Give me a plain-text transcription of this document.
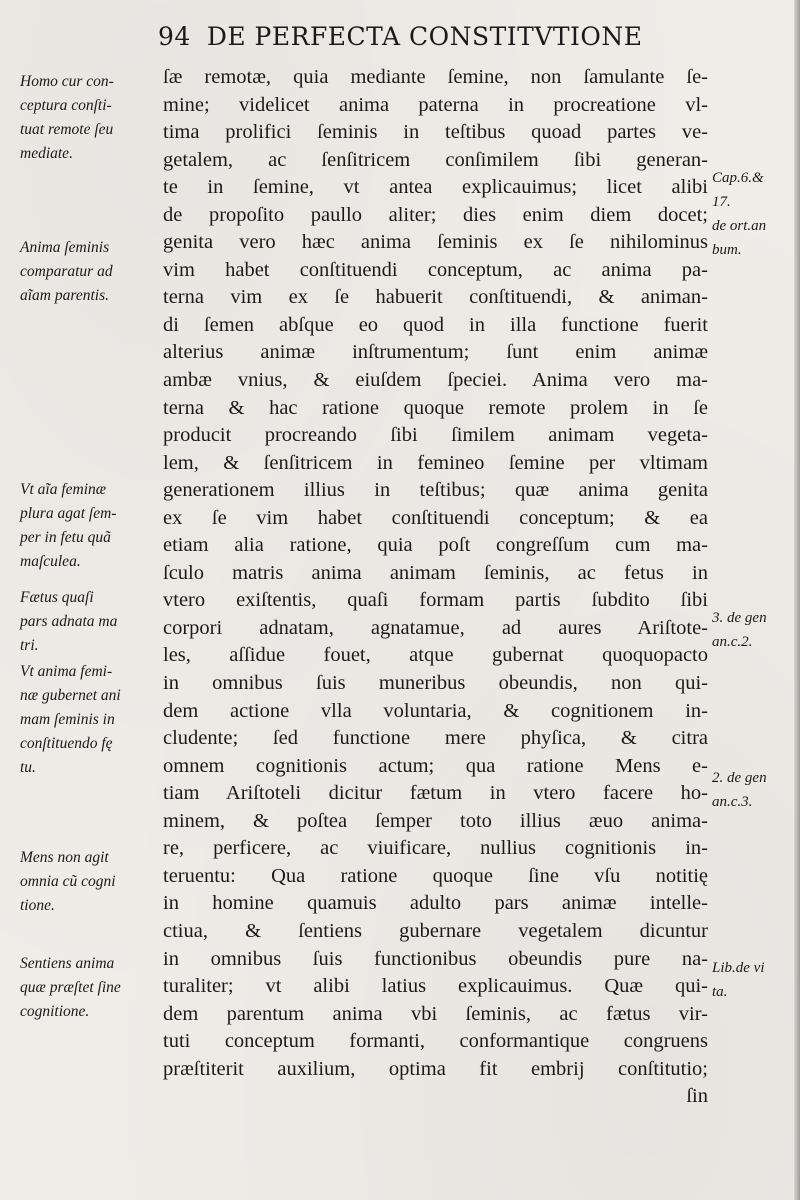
94 DE PERFECTA CONSTITVTIONE
ſæ remotæ, quia mediante ſemine, non ſamulante ſe-
mine; videlicet anima paterna in procreatione vl-
tima prolifici ſeminis in teſtibus quoad partes ve-
getalem, ac ſenſitricem conſimilem ſibi generan-
te in ſemine, vt antea explicauimus; licet alibi
de propoſito paullo aliter; dies enim diem docet;
genita vero hæc anima ſeminis ex ſe nihilominus
vim habet conſtituendi conceptum, ac anima pa-
terna vim ex ſe habuerit conſtituendi, & animan-
di ſemen abſque eo quod in illa functione fuerit
alterius animæ inſtrumentum; ſunt enim animæ
ambæ vnius, & eiuſdem ſpeciei. Anima vero ma-
terna & hac ratione quoque remote prolem in ſe
producit procreando ſibi ſimilem animam vegeta-
lem, & ſenſitricem in femineo ſemine per vltimam
generationem illius in teſtibus; quæ anima genita
ex ſe vim habet conſtituendi conceptum; & ea
etiam alia ratione, quia poſt congreſſum cum ma-
ſculo matris anima animam ſeminis, ac fetus in
vtero exiſtentis, quaſi formam partis ſubdito ſibi
corpori adnatam, agnatamue, ad aures Ariſtote-
les, aſſidue fouet, atque gubernat quoquopacto
in omnibus ſuis muneribus obeundis, non qui-
dem actione vlla voluntaria, & cognitionem in-
cludente; ſed functione mere phyſica, & citra
omnem cognitionis actum; qua ratione Mens e-
tiam Ariſtoteli dicitur fætum in vtero facere ho-
minem, & poſtea ſemper toto illius æuo anima-
re, perficere, ac viuificare, nullius cognitionis in-
teruentu: Qua ratione quoque ſine vſu notitię
in homine quamuis adulto pars animæ intelle-
ctiua, & ſentiens gubernare vegetalem dicuntur
in omnibus ſuis functionibus obeundis pure na-
turaliter; vt alibi latius explicauimus. Quæ qui-
dem parentum anima vbi ſeminis, ac fætus vir-
tuti conceptum formanti, conformantique congruens
præſtiterit auxilium, optima fit embrij conſtitutio;
ſin
Homo cur con-
ceptura conſti-
tuat remote ſeu
mediate.
Anima ſeminis
comparatur ad
aĩam parentis.
Vt aĩa feminæ
plura agat ſem-
per in fetu quã
maſculea.
Fætus quaſi
pars adnata ma
tri.
Vt anima femi-
næ gubernet ani
mam ſeminis in
conſtituendo fę
tu.
Mens non agit
omnia cũ cogni
tione.
Sentiens anima
quæ præſtet ſine
cognitione.
Cap.6.&
17.
de ort.an
bum.
3. de gen
an.c.2.
2. de gen
an.c.3.
Lib.de vi
ta.
